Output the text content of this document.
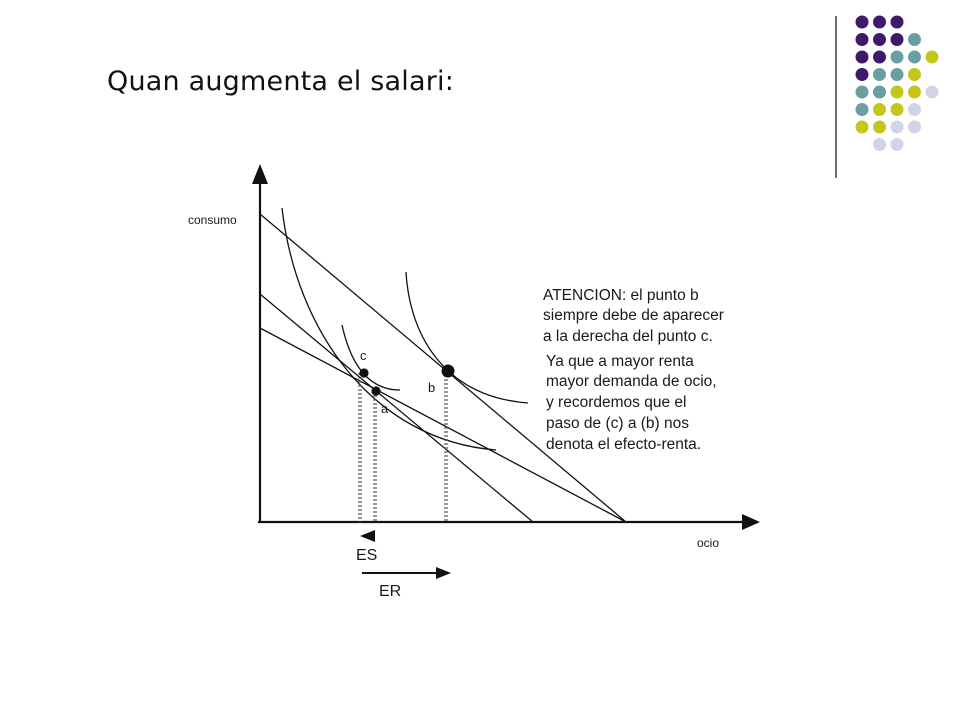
Quan augmenta el salari:
c
a
b
consumo
ocio
ES
ER
ATENCION: el punto b
siempre debe de aparecer
a la derecha del punto c.
Ya que a mayor renta
mayor demanda de ocio,
y recordemos que el
paso de (c) a (b) nos
denota el efecto-renta.
